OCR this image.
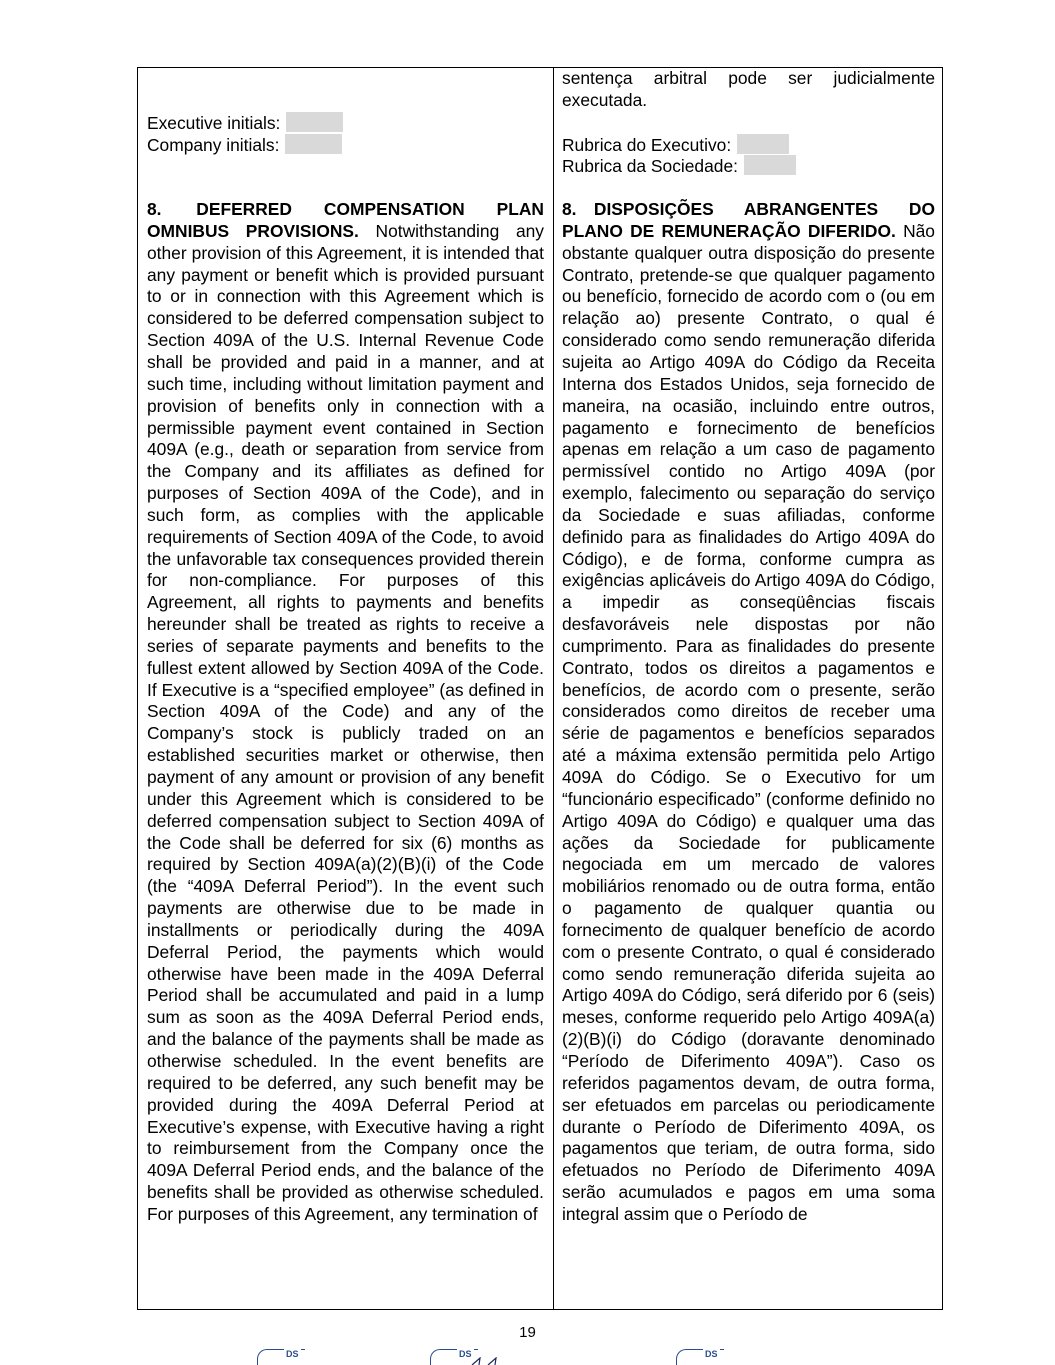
Executive initials:
Company initials:
8.  DEFERRED COMPENSATION PLAN OMNIBUS PROVISIONS. Notwithstanding any other provision of this Agreement, it is intended that any payment or benefit which is provided pursuant to or in connection with this Agreement which is considered to be deferred compensation subject to Section 409A of the U.S. Internal Revenue Code shall be provided and paid in a manner, and at such time, including without limitation payment and provision of benefits only in connection with a permissible payment event contained in Section 409A (e.g., death or separation from service from the Company and its affiliates as defined for purposes of Section 409A of the Code), and in such form, as complies with the applicable requirements of Section 409A of the Code, to avoid the unfavorable tax consequences provided therein for non-compliance. For purposes of this Agreement, all rights to payments and benefits hereunder shall be treated as rights to receive a series of separate payments and benefits to the fullest extent allowed by Section 409A of the Code. If Executive is a “specified employee” (as defined in Section 409A of the Code) and any of the Company’s stock is publicly traded on an established securities market or otherwise, then payment of any amount or provision of any benefit under this Agreement which is considered to be deferred compensation subject to Section 409A of the Code shall be deferred for six (6) months as required by Section 409A(a)(2)(B)(i) of the Code (the “409A Deferral Period”). In the event such payments are otherwise due to be made in installments or periodically during the 409A Deferral Period, the payments which would otherwise have been made in the 409A Deferral Period shall be accumulated and paid in a lump sum as soon as the 409A Deferral Period ends, and the balance of the payments shall be made as otherwise scheduled. In the event benefits are required to be deferred, any such benefit may be provided during the 409A Deferral Period at Executive’s expense, with Executive having a right to reimbursement from the Company once the 409A Deferral Period ends, and the balance of the benefits shall be provided as otherwise scheduled. For purposes of this Agreement, any termination of
sentença arbitral pode ser judicialmente executada.
Rubrica do Executivo:
Rubrica da Sociedade:
8. DISPOSIÇÕES ABRANGENTES DO PLANO DE REMUNERAÇÃO DIFERIDO. Não obstante qualquer outra disposição do presente Contrato, pretende-se que qualquer pagamento ou benefício, fornecido de acordo com o (ou em relação ao) presente Contrato, o qual é considerado como sendo remuneração diferida sujeita ao Artigo 409A do Código da Receita Interna dos Estados Unidos, seja fornecido de maneira, na ocasião, incluindo entre outros, pagamento e fornecimento de benefícios apenas em relação a um caso de pagamento permissível contido no Artigo 409A (por exemplo, falecimento ou separação do serviço da Sociedade e suas afiliadas, conforme definido para as finalidades do Artigo 409A do Código), e de forma, conforme cumpra as exigências aplicáveis do Artigo 409A do Código, a impedir as conseqüências fiscais desfavoráveis nele dispostas por não cumprimento. Para as finalidades do presente Contrato, todos os direitos a pagamentos e benefícios, de acordo com o presente, serão considerados como direitos de receber uma série de pagamentos e benefícios separados até a máxima extensão permitida pelo Artigo 409A do Código. Se o Executivo for um “funcionário especificado” (conforme definido no Artigo 409A do Código) e qualquer uma das ações da Sociedade for publicamente negociada em um mercado de valores mobiliários renomado ou de outra forma, então o pagamento de qualquer quantia ou fornecimento de qualquer benefício de acordo com o presente Contrato, o qual é considerado como sendo remuneração diferida sujeita ao Artigo 409A do Código, será diferido por 6 (seis) meses, conforme requerido pelo Artigo 409A(a)(2)(B)(i) do Código (doravante denominado “Período de Diferimento 409A”). Caso os referidos pagamentos devam, de outra forma, ser efetuados em parcelas ou periodicamente durante o Período de Diferimento 409A, os pagamentos que teriam, de outra forma, sido efetuados no Período de Diferimento 409A serão acumulados e pagos em uma soma integral assim que o Período de
19
DS	DS	DS
